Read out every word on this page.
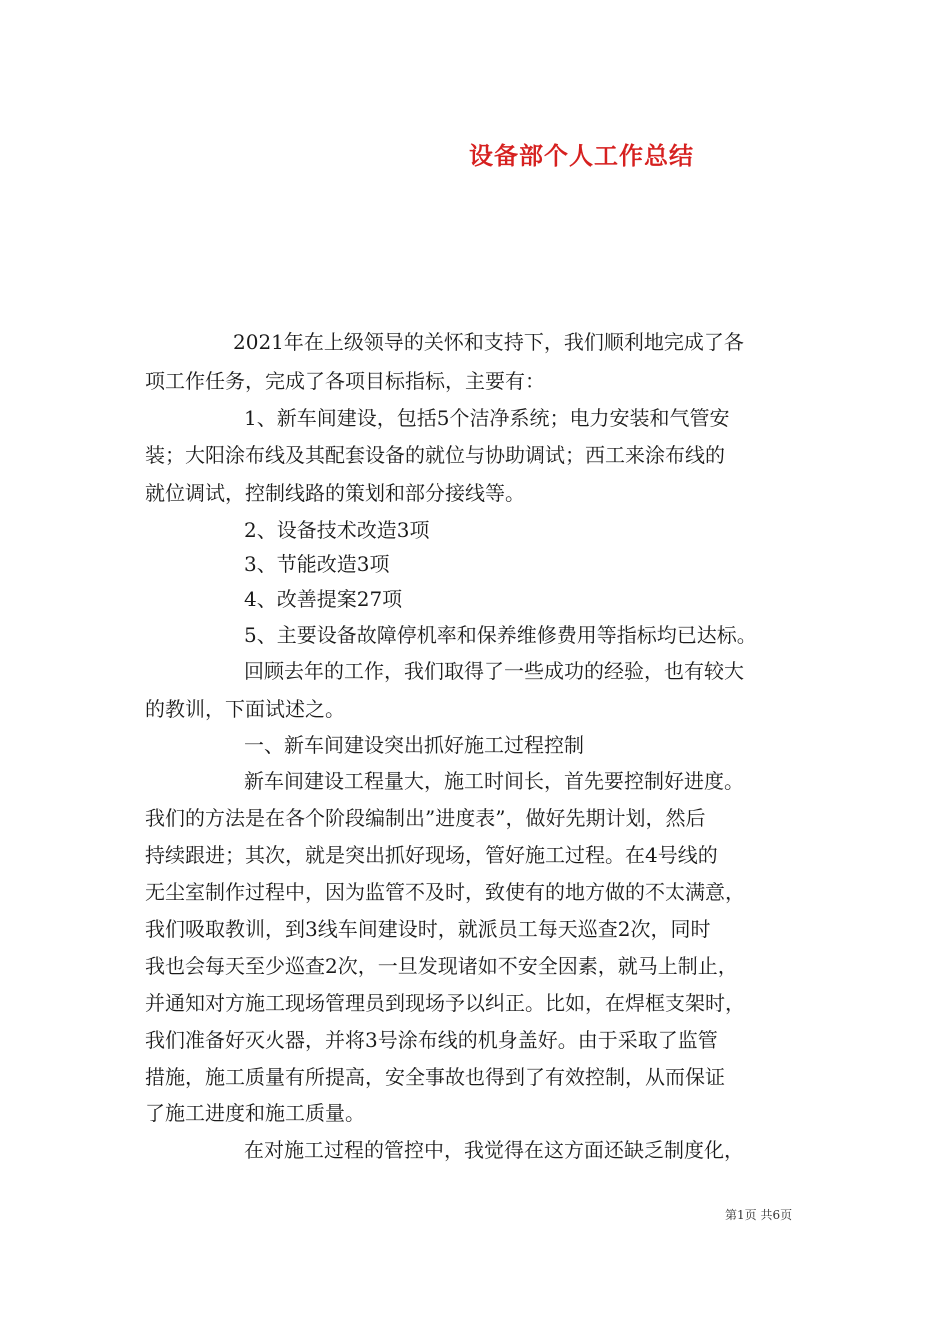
设备部个人工作总结
2021年在上级领导的关怀和支持下，我们顺利地完成了各
项工作任务，完成了各项目标指标，主要有：
1、新车间建设，包括5个洁净系统；电力安装和气管安
装；大阳涂布线及其配套设备的就位与协助调试；西工来涂布线的
就位调试，控制线路的策划和部分接线等。
2、设备技术改造3项
3、节能改造3项
4、改善提案27项
5、主要设备故障停机率和保养维修费用等指标均已达标。
回顾去年的工作，我们取得了一些成功的经验，也有较大
的教训，下面试述之。
一、新车间建设突出抓好施工过程控制
新车间建设工程量大，施工时间长，首先要控制好进度。
我们的方法是在各个阶段编制出”进度表”，做好先期计划，然后
持续跟进；其次，就是突出抓好现场，管好施工过程。在4号线的
无尘室制作过程中，因为监管不及时，致使有的地方做的不太满意，
我们吸取教训，到3线车间建设时，就派员工每天巡查2次，同时
我也会每天至少巡查2次，一旦发现诸如不安全因素，就马上制止，
并通知对方施工现场管理员到现场予以纠正。比如，在焊框支架时，
我们准备好灭火器，并将3号涂布线的机身盖好。由于采取了监管
措施，施工质量有所提高，安全事故也得到了有效控制，从而保证
了施工进度和施工质量。
在对施工过程的管控中，我觉得在这方面还缺乏制度化，
第1页 共6页
